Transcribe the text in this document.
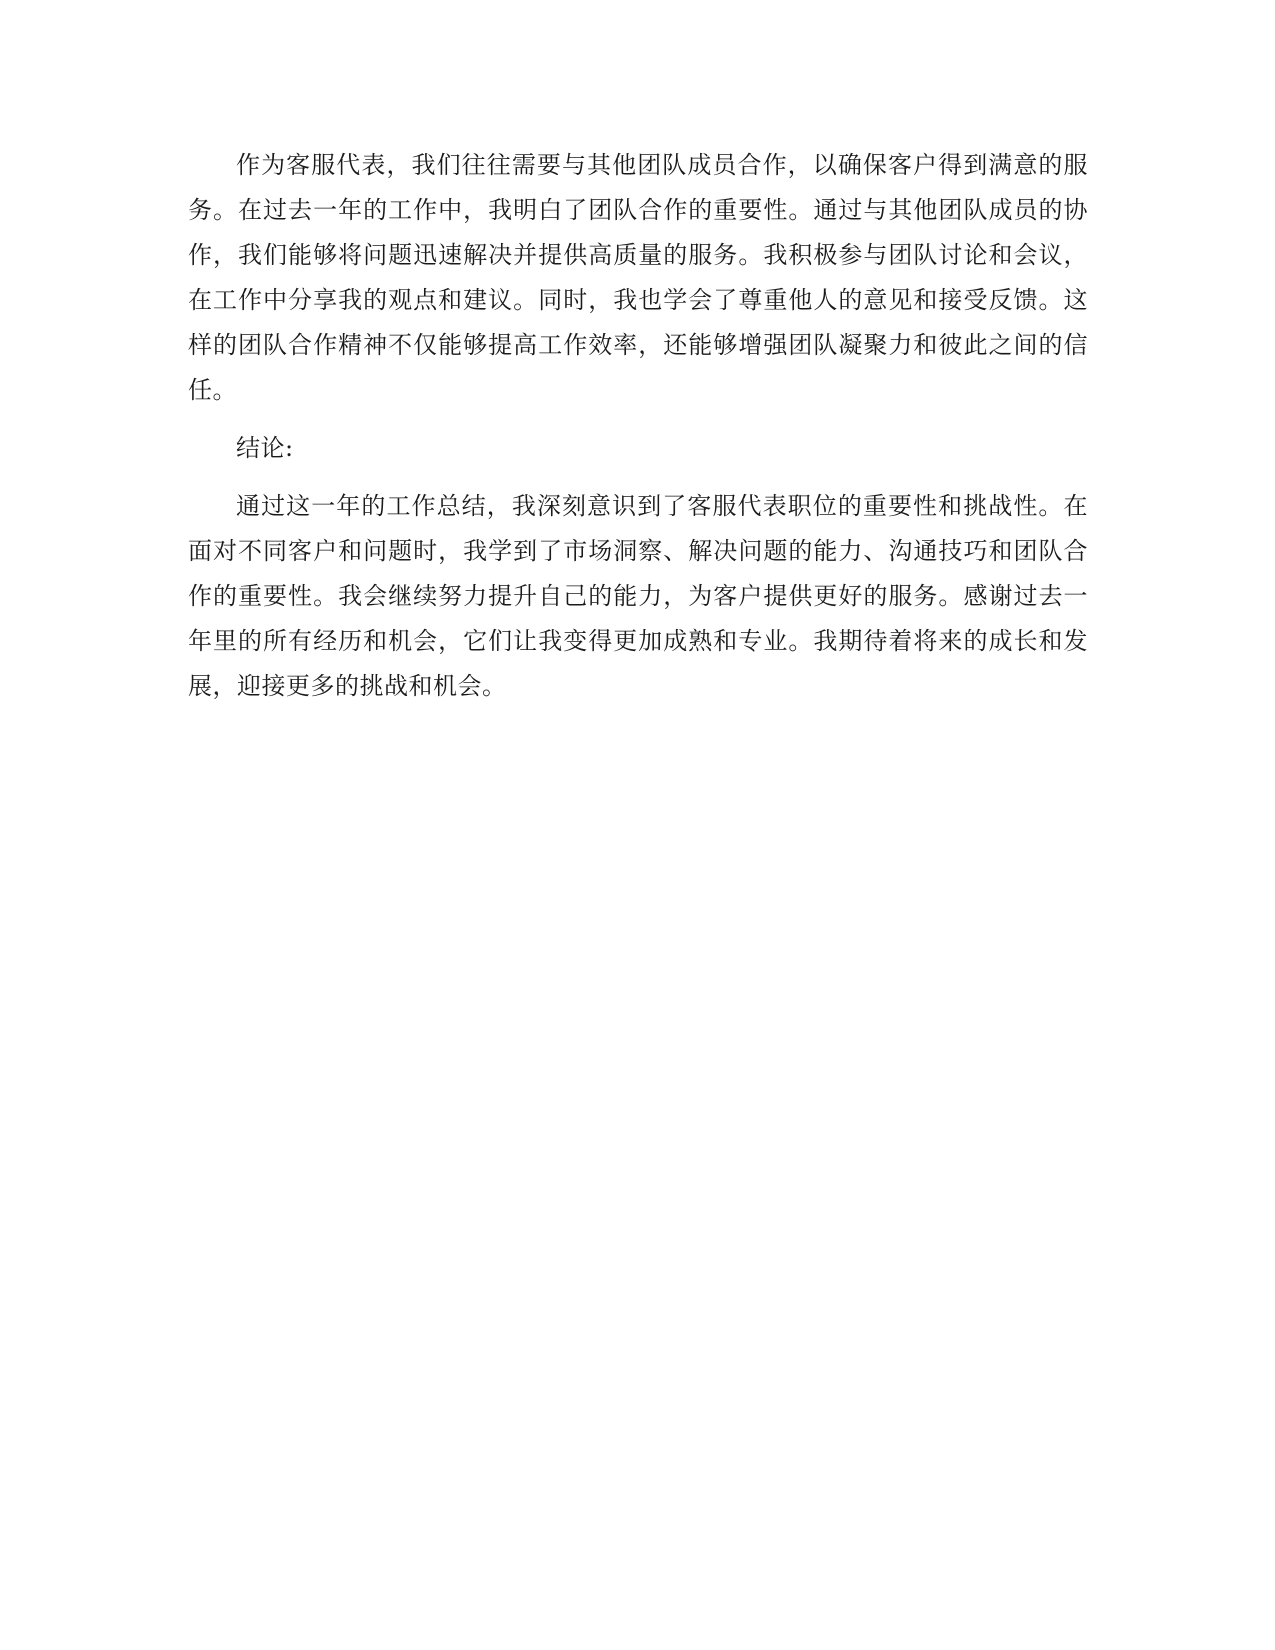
作为客服代表，我们往往需要与其他团队成员合作，以确保客户得到满意的服务。在过去一年的工作中，我明白了团队合作的重要性。通过与其他团队成员的协作，我们能够将问题迅速解决并提供高质量的服务。我积极参与团队讨论和会议，在工作中分享我的观点和建议。同时，我也学会了尊重他人的意见和接受反馈。这样的团队合作精神不仅能够提高工作效率，还能够增强团队凝聚力和彼此之间的信任。

结论:

通过这一年的工作总结，我深刻意识到了客服代表职位的重要性和挑战性。在面对不同客户和问题时，我学到了市场洞察、解决问题的能力、沟通技巧和团队合作的重要性。我会继续努力提升自己的能力，为客户提供更好的服务。感谢过去一年里的所有经历和机会，它们让我变得更加成熟和专业。我期待着将来的成长和发展，迎接更多的挑战和机会。
